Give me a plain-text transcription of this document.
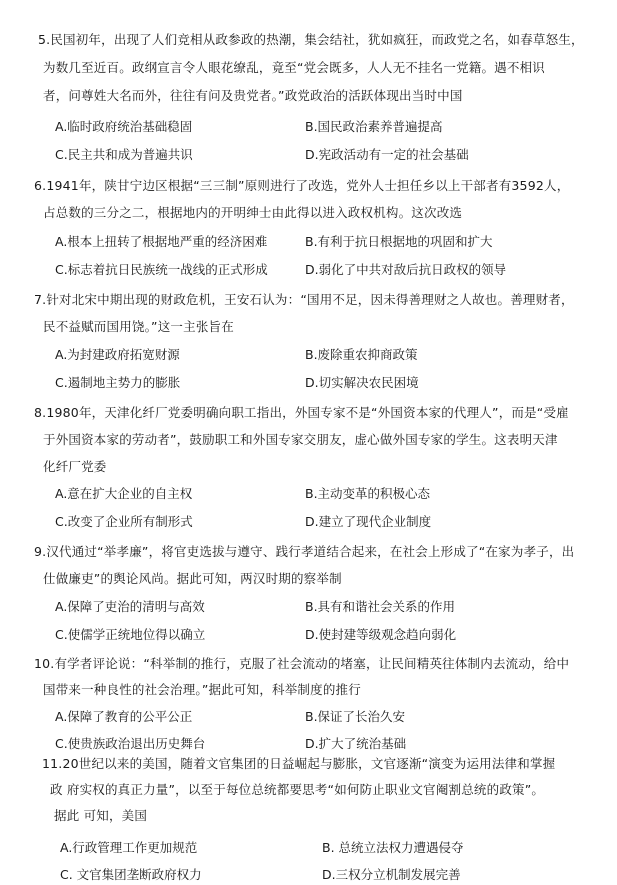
5.民国初年，出现了人们竞相从政参政的热潮，集会结社，犹如疯狂，而政党之名，如春草怒生，
为数几至近百。政纲宣言令人眼花缭乱，竟至“党会既多，人人无不挂名一党籍。遇不相识
者，问尊姓大名而外，往往有问及贵党者。”政党政治的活跃体现出当时中国
A.临时政府统治基础稳固	B.国民政治素养普遍提高
C.民主共和成为普遍共识	D.宪政活动有一定的社会基础
6.1941年，陕甘宁边区根据“三三制”原则进行了改选，党外人士担任乡以上干部者有3592人，
占总数的三分之二，根据地内的开明绅士由此得以进入政权机构。这次改选
A.根本上扭转了根据地严重的经济困难	B.有利于抗日根据地的巩固和扩大
C.标志着抗日民族统一战线的正式形成	D.弱化了中共对敌后抗日政权的领导
7.针对北宋中期出现的财政危机，王安石认为：“国用不足，因未得善理财之人故也。善理财者，
民不益赋而国用饶。”这一主张旨在
A.为封建政府拓宽财源	B.废除重农抑商政策
C.遏制地主势力的膨胀	D.切实解决农民困境
8.1980年，天津化纤厂党委明确向职工指出，外国专家不是“外国资本家的代理人”，而是“受雇
于外国资本家的劳动者”，鼓励职工和外国专家交朋友，虚心做外国专家的学生。这表明天津
化纤厂党委
A.意在扩大企业的自主权	B.主动变革的积极心态
C.改变了企业所有制形式	D.建立了现代企业制度
9.汉代通过“举孝廉”，将官吏选拔与遵守、践行孝道结合起来，在社会上形成了“在家为孝子，出
仕做廉吏”的舆论风尚。据此可知，两汉时期的察举制
A.保障了吏治的清明与高效	B.具有和谐社会关系的作用
C.使儒学正统地位得以确立	D.使封建等级观念趋向弱化
10.有学者评论说：“科举制的推行，克服了社会流动的堵塞，让民间精英往体制内去流动，给中
国带来一种良性的社会治理。”据此可知，科举制度的推行
A.保障了教育的公平公正	B.保证了长治久安
C.使贵族政治退出历史舞台	D.扩大了统治基础
11.20世纪以来的美国，随着文官集团的日益崛起与膨胀，文官逐渐“演变为运用法律和掌握
政 府实权的真正力量”，以至于每位总统都要思考“如何防止职业文官阉割总统的政策”。
据此 可知，美国
A.行政管理工作更加规范	B. 总统立法权力遭遇侵夺
C. 文官集团垄断政府权力	D.三权分立机制发展完善
